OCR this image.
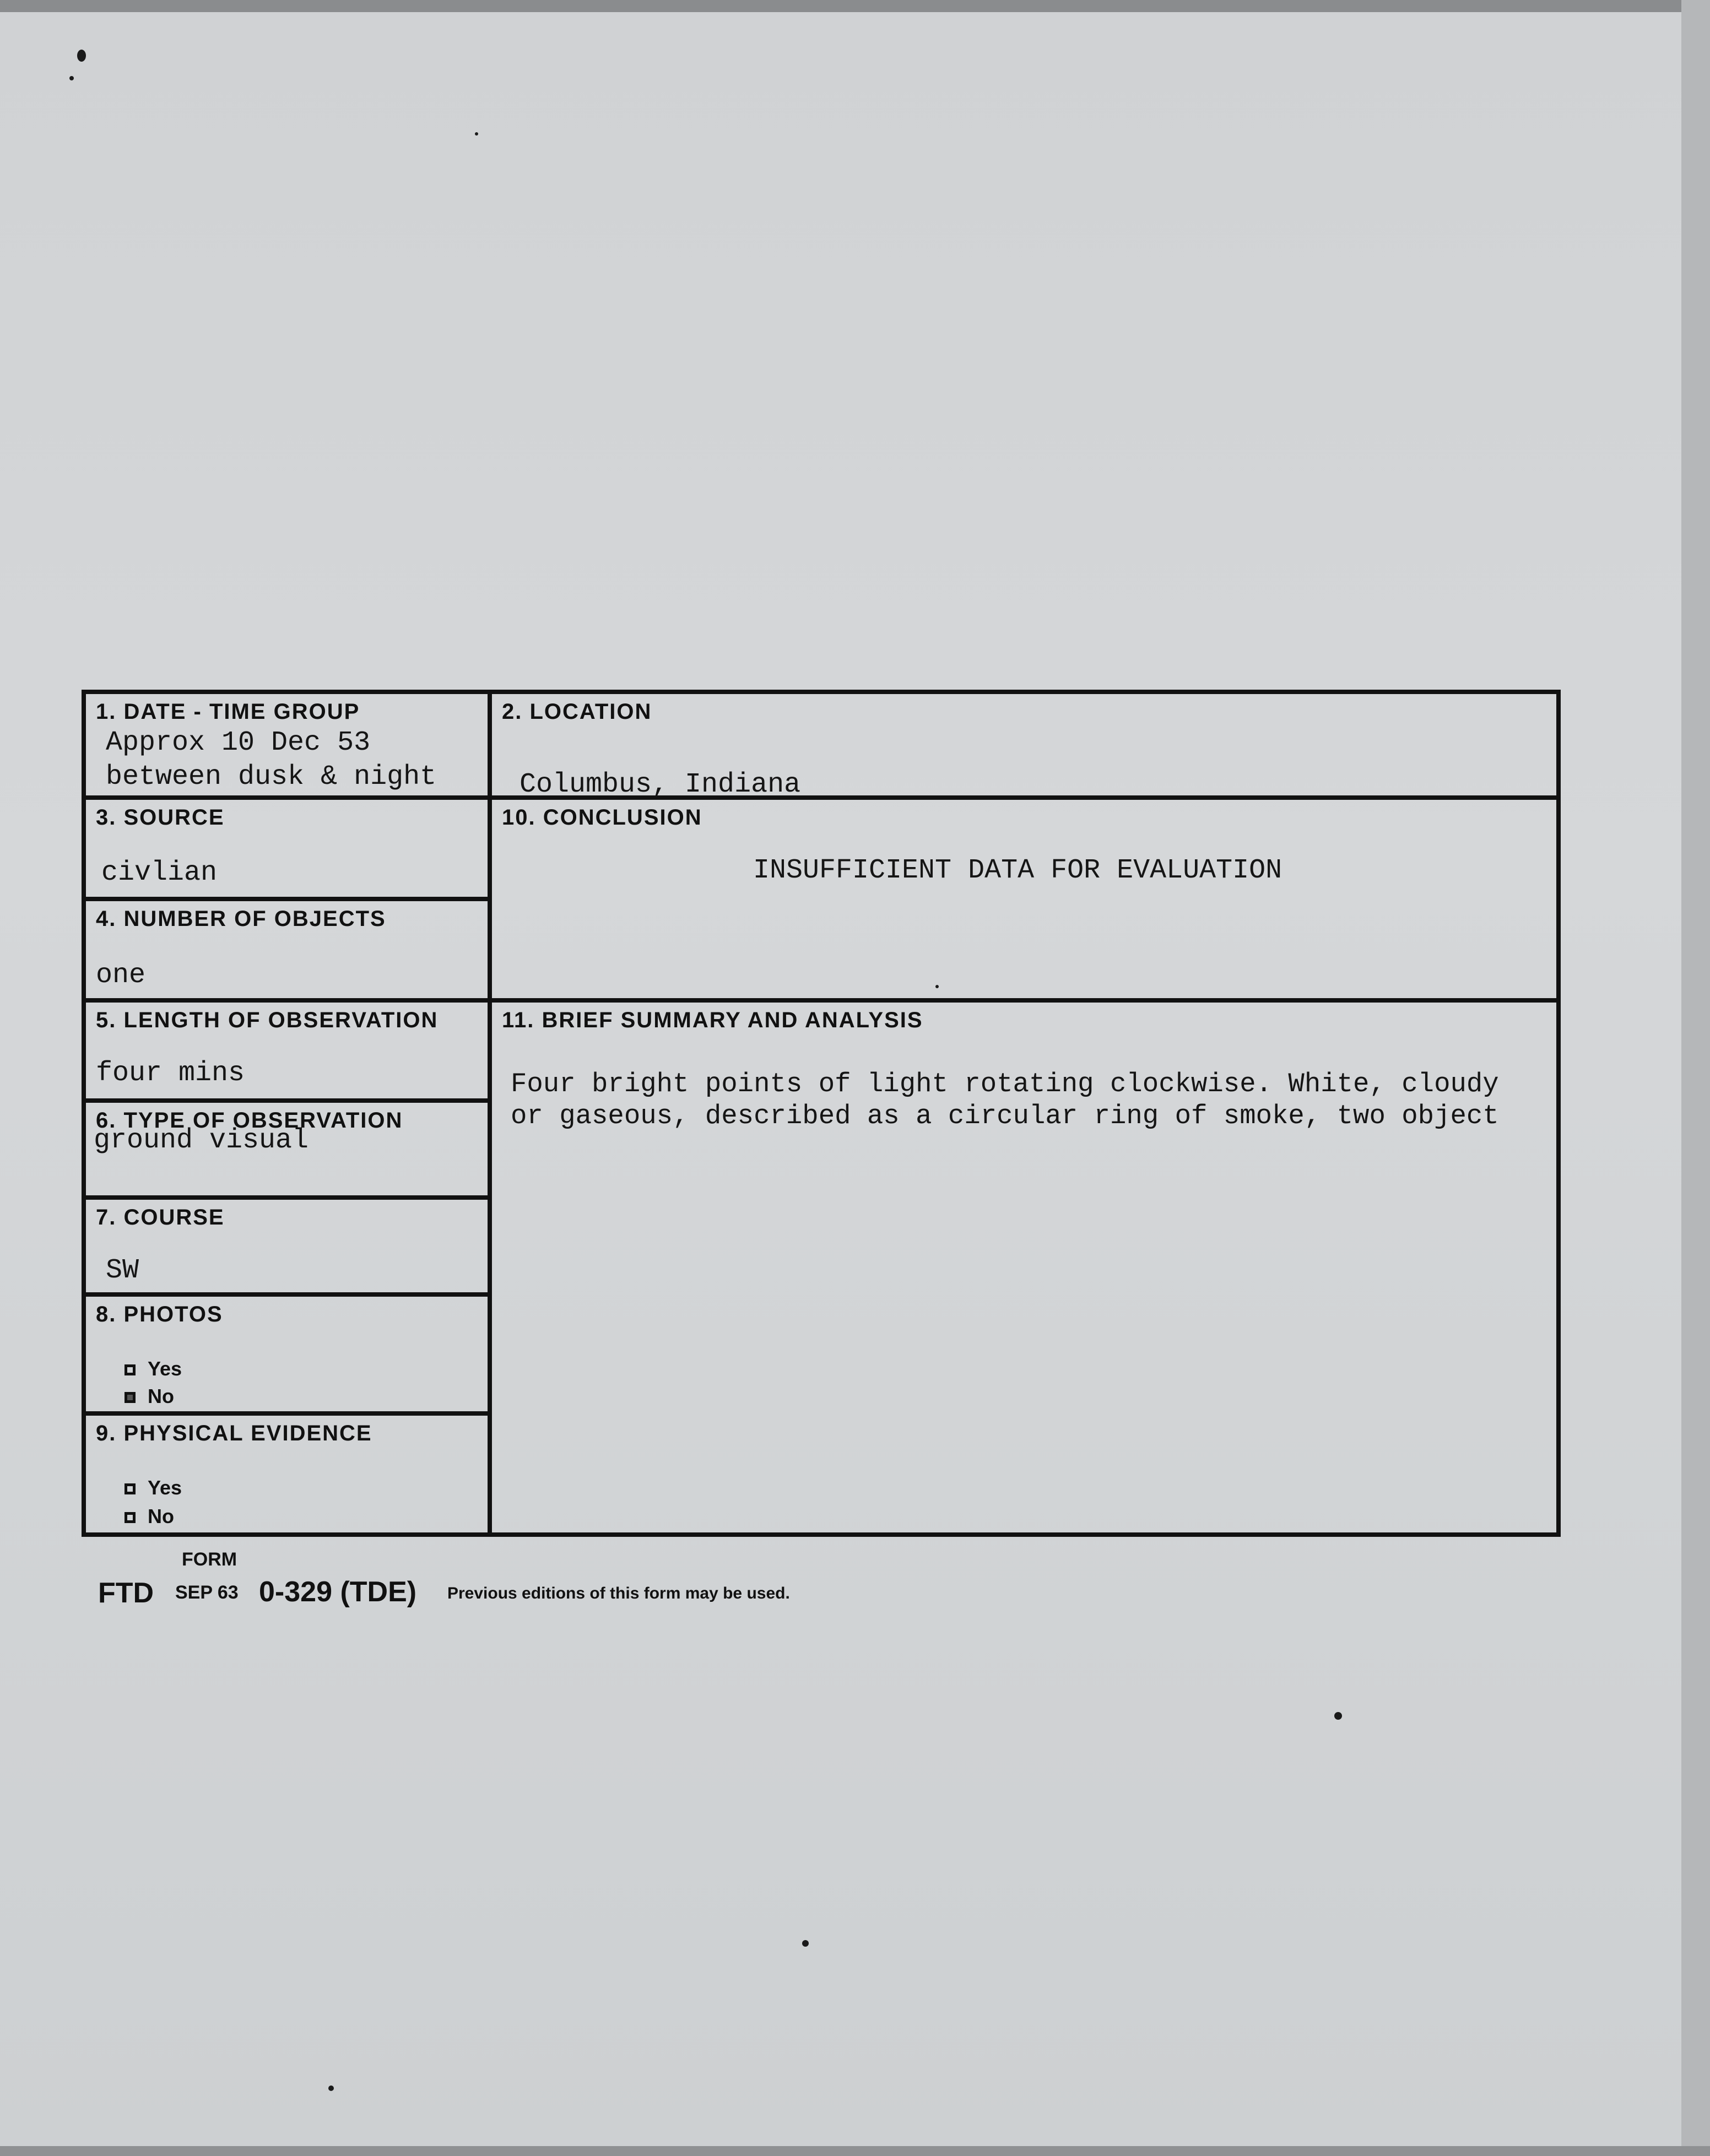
1. DATE - TIME GROUP
Approx 10 Dec 53
between dusk & night
2. LOCATION
Columbus, Indiana
3. SOURCE
civlian
4. NUMBER OF OBJECTS
one
10. CONCLUSION
INSUFFICIENT DATA FOR EVALUATION
5. LENGTH OF OBSERVATION
four mins
6. TYPE OF OBSERVATION
ground visual
7. COURSE
SW
8. PHOTOS
Yes
No
9. PHYSICAL EVIDENCE
Yes
No
11. BRIEF SUMMARY AND ANALYSIS
Four bright points of light rotating clockwise. White, cloudy
or gaseous, described as a circular ring of smoke, two object
FTD
FORM
SEP 63 0-329 (TDE) Previous editions of this form may be used.
